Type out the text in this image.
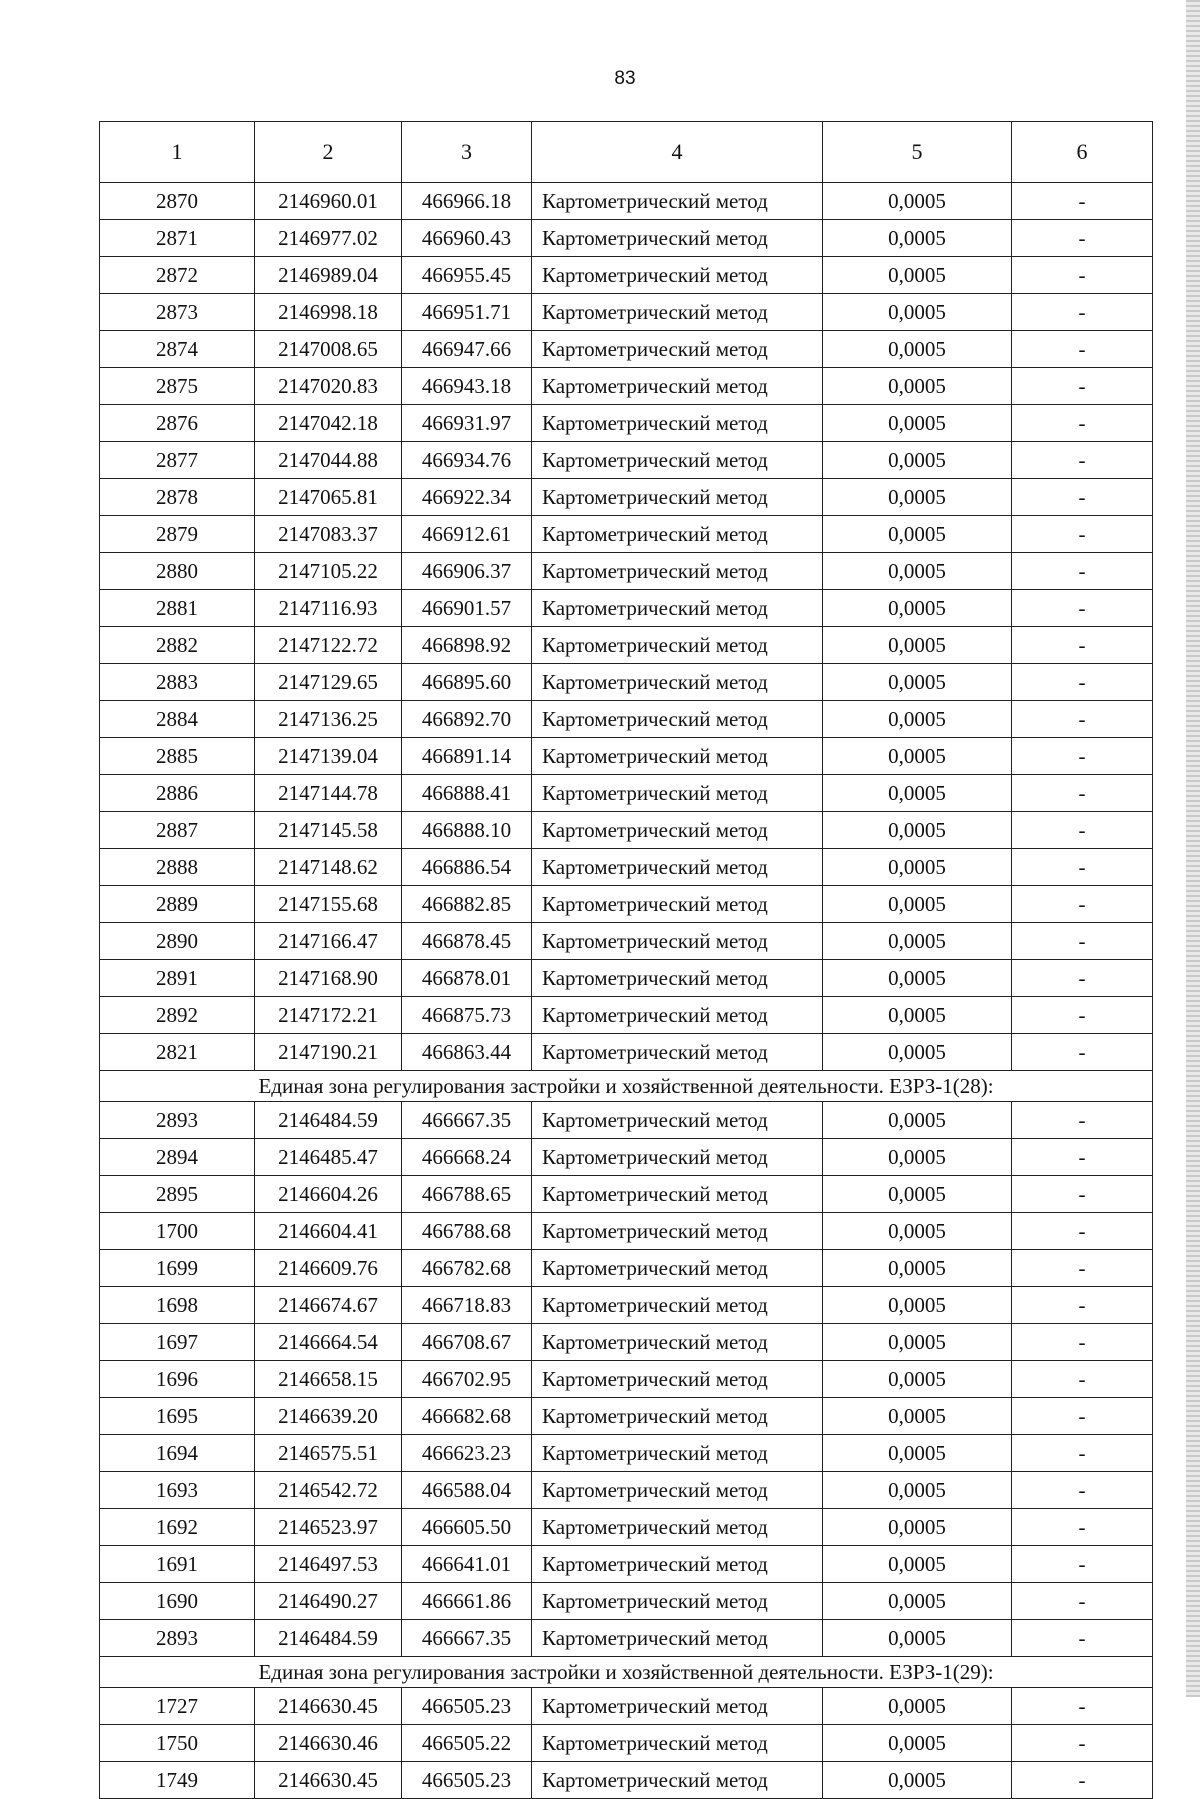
83
1	2	3	4	5	6
2870	2146960.01	466966.18	Картометрический метод	0,0005	-
2871	2146977.02	466960.43	Картометрический метод	0,0005	-
2872	2146989.04	466955.45	Картометрический метод	0,0005	-
2873	2146998.18	466951.71	Картометрический метод	0,0005	-
2874	2147008.65	466947.66	Картометрический метод	0,0005	-
2875	2147020.83	466943.18	Картометрический метод	0,0005	-
2876	2147042.18	466931.97	Картометрический метод	0,0005	-
2877	2147044.88	466934.76	Картометрический метод	0,0005	-
2878	2147065.81	466922.34	Картометрический метод	0,0005	-
2879	2147083.37	466912.61	Картометрический метод	0,0005	-
2880	2147105.22	466906.37	Картометрический метод	0,0005	-
2881	2147116.93	466901.57	Картометрический метод	0,0005	-
2882	2147122.72	466898.92	Картометрический метод	0,0005	-
2883	2147129.65	466895.60	Картометрический метод	0,0005	-
2884	2147136.25	466892.70	Картометрический метод	0,0005	-
2885	2147139.04	466891.14	Картометрический метод	0,0005	-
2886	2147144.78	466888.41	Картометрический метод	0,0005	-
2887	2147145.58	466888.10	Картометрический метод	0,0005	-
2888	2147148.62	466886.54	Картометрический метод	0,0005	-
2889	2147155.68	466882.85	Картометрический метод	0,0005	-
2890	2147166.47	466878.45	Картометрический метод	0,0005	-
2891	2147168.90	466878.01	Картометрический метод	0,0005	-
2892	2147172.21	466875.73	Картометрический метод	0,0005	-
2821	2147190.21	466863.44	Картометрический метод	0,0005	-
Единая зона регулирования застройки и хозяйственной деятельности. ЕЗРЗ-1(28):					
2893	2146484.59	466667.35	Картометрический метод	0,0005	-
2894	2146485.47	466668.24	Картометрический метод	0,0005	-
2895	2146604.26	466788.65	Картометрический метод	0,0005	-
1700	2146604.41	466788.68	Картометрический метод	0,0005	-
1699	2146609.76	466782.68	Картометрический метод	0,0005	-
1698	2146674.67	466718.83	Картометрический метод	0,0005	-
1697	2146664.54	466708.67	Картометрический метод	0,0005	-
1696	2146658.15	466702.95	Картометрический метод	0,0005	-
1695	2146639.20	466682.68	Картометрический метод	0,0005	-
1694	2146575.51	466623.23	Картометрический метод	0,0005	-
1693	2146542.72	466588.04	Картометрический метод	0,0005	-
1692	2146523.97	466605.50	Картометрический метод	0,0005	-
1691	2146497.53	466641.01	Картометрический метод	0,0005	-
1690	2146490.27	466661.86	Картометрический метод	0,0005	-
2893	2146484.59	466667.35	Картометрический метод	0,0005	-
Единая зона регулирования застройки и хозяйственной деятельности. ЕЗРЗ-1(29):					
1727	2146630.45	466505.23	Картометрический метод	0,0005	-
1750	2146630.46	466505.22	Картометрический метод	0,0005	-
1749	2146630.45	466505.23	Картометрический метод	0,0005	-
